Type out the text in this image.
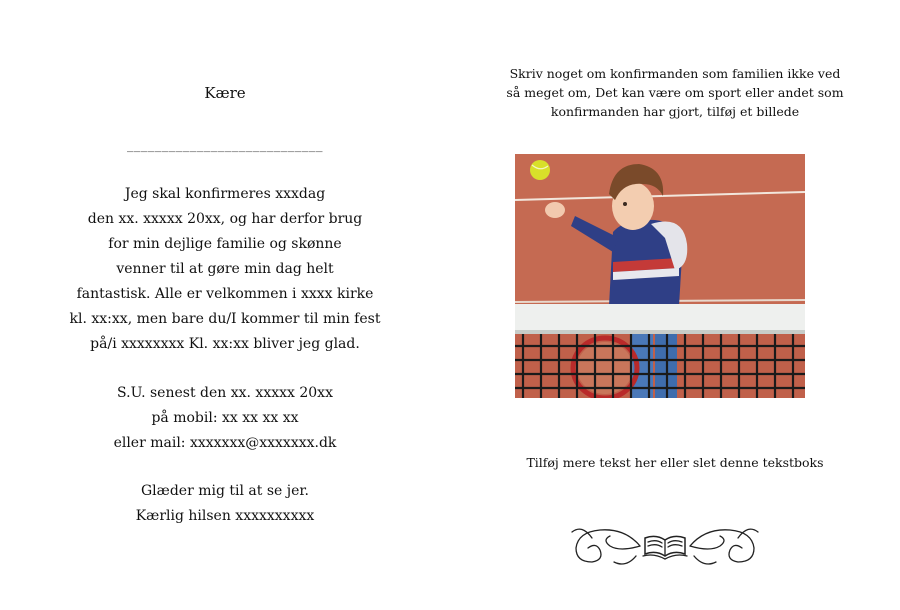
Kære
____________________________
Jeg skal konfirmeres xxxdag
den xx. xxxxx 20xx, og har derfor brug
for min dejlige familie og skønne
venner til at gøre min dag helt
fantastisk. Alle er velkommen i xxxx kirke
kl. xx:xx, men bare du/I kommer til min fest
på/i xxxxxxxx Kl. xx:xx bliver jeg glad.
S.U. senest den xx. xxxxx 20xx
på mobil: xx xx xx xx
eller mail: xxxxxxx@xxxxxxx.dk
Glæder mig til at se jer.
Kærlig hilsen xxxxxxxxxx
Skriv noget om konfirmanden som familien ikke ved
så meget om, Det kan være om sport eller andet som
konfirmanden har gjort, tilføj et billede
Tilføj mere tekst her eller slet denne tekstboks
